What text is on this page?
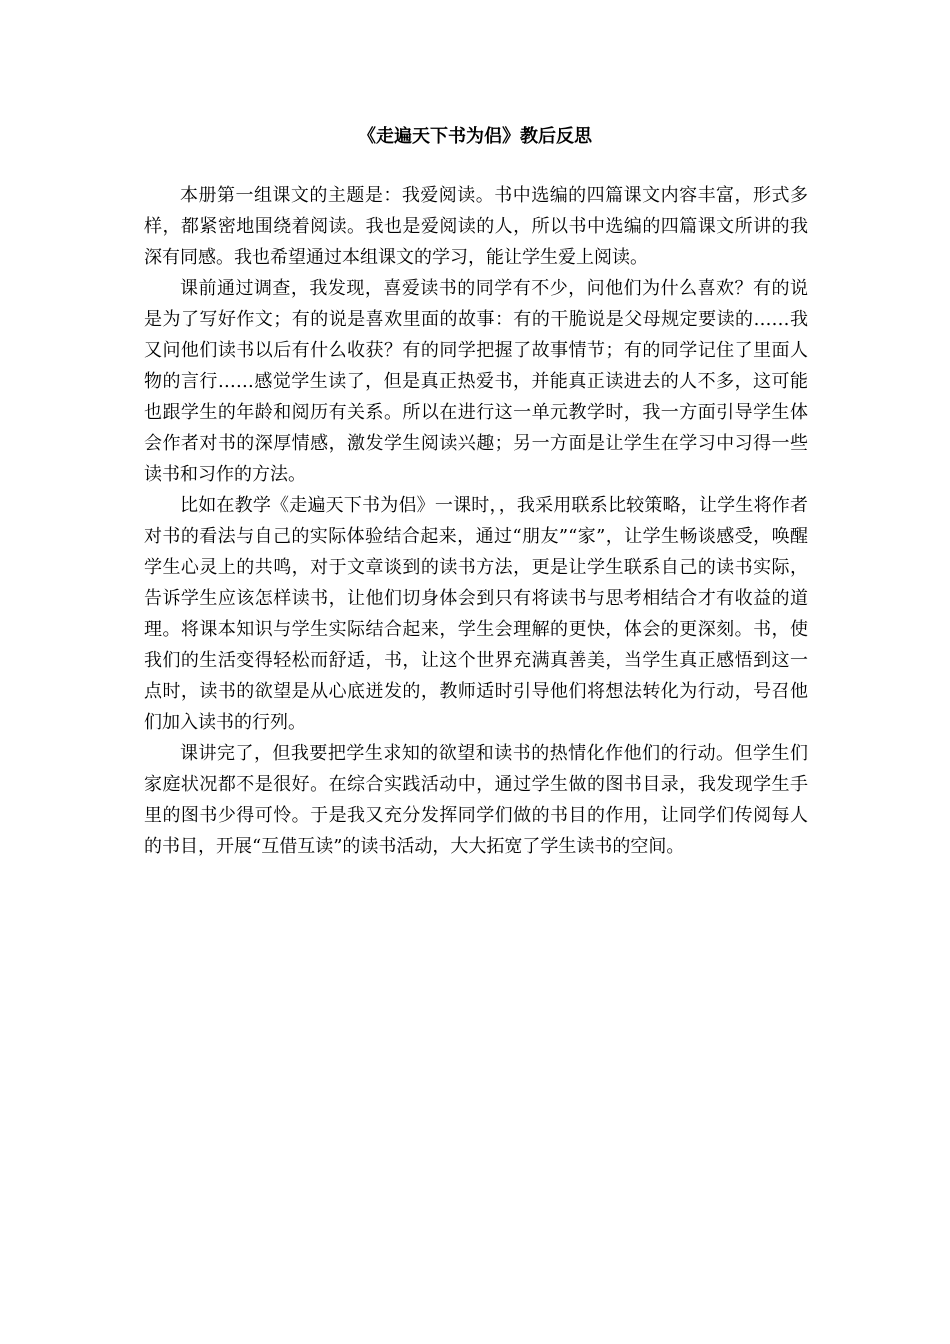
《走遍天下书为侣》教后反思

本册第一组课文的主题是：我爱阅读。书中选编的四篇课文内容丰富，形式多样，都紧密地围绕着阅读。我也是爱阅读的人，所以书中选编的四篇课文所讲的我深有同感。我也希望通过本组课文的学习，能让学生爱上阅读。

课前通过调查，我发现，喜爱读书的同学有不少，问他们为什么喜欢？有的说是为了写好作文；有的说是喜欢里面的故事：有的干脆说是父母规定要读的……我又问他们读书以后有什么收获？有的同学把握了故事情节；有的同学记住了里面人物的言行……感觉学生读了，但是真正热爱书，并能真正读进去的人不多，这可能也跟学生的年龄和阅历有关系。所以在进行这一单元教学时，我一方面引导学生体会作者对书的深厚情感，激发学生阅读兴趣；另一方面是让学生在学习中习得一些读书和习作的方法。

比如在教学《走遍天下书为侣》一课时，，我采用联系比较策略，让学生将作者对书的看法与自己的实际体验结合起来，通过“朋友”“家”，让学生畅谈感受，唤醒学生心灵上的共鸣，对于文章谈到的读书方法，更是让学生联系自己的读书实际，告诉学生应该怎样读书，让他们切身体会到只有将读书与思考相结合才有收益的道理。将课本知识与学生实际结合起来，学生会理解的更快，体会的更深刻。书，使我们的生活变得轻松而舒适，书，让这个世界充满真善美，当学生真正感悟到这一点时，读书的欲望是从心底迸发的，教师适时引导他们将想法转化为行动，号召他们加入读书的行列。

课讲完了，但我要把学生求知的欲望和读书的热情化作他们的行动。但学生们家庭状况都不是很好。在综合实践活动中，通过学生做的图书目录，我发现学生手里的图书少得可怜。于是我又充分发挥同学们做的书目的作用，让同学们传阅每人的书目，开展“互借互读”的读书活动，大大拓宽了学生读书的空间。
